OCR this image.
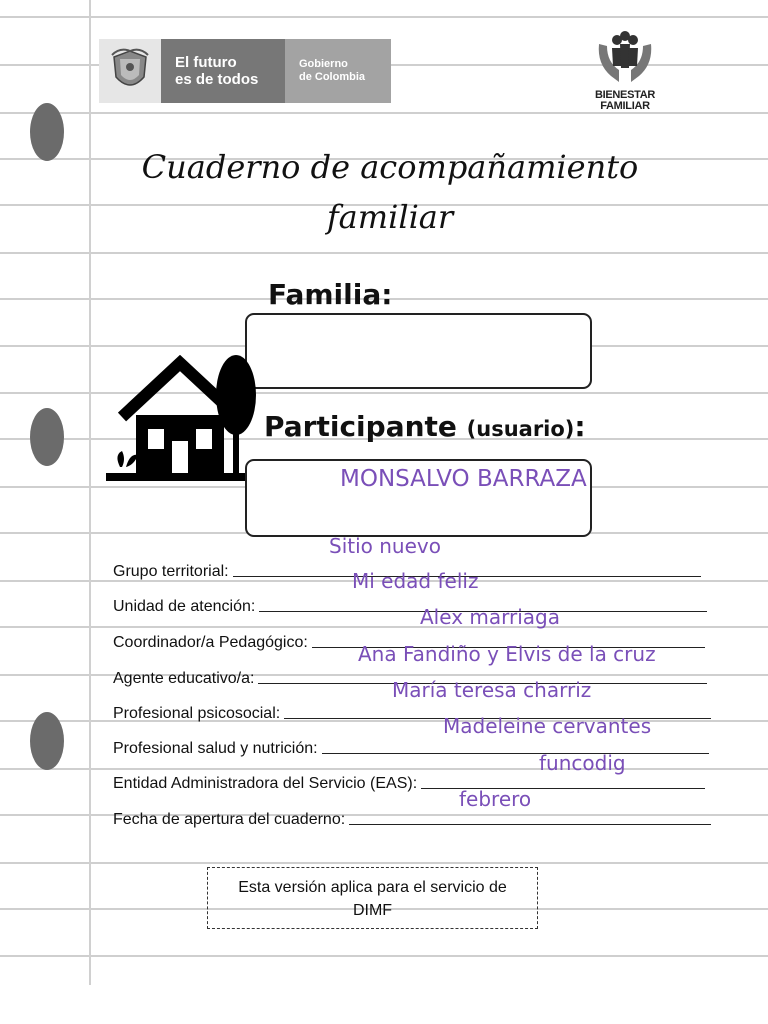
El futuro
es de todos
Gobierno
de Colombia
BIENESTAR
FAMILIAR
Cuaderno de acompañamiento
familiar
Familia:
Participante (usuario):
MONSALVO BARRAZA
Grupo territorial:
Unidad de atención:
Coordinador/a Pedagógico:
Agente educativo/a:
Profesional psicosocial:
Profesional salud y nutrición:
Entidad Administradora del Servicio (EAS):
Fecha de apertura del cuaderno:
Sitio nuevo
Mi edad feliz
Alex marriaga
Ana Fandiño y Elvis de la cruz
María teresa charriz
Madeleine cervantes
funcodig
febrero
Esta versión aplica para el servicio de
DIMF
